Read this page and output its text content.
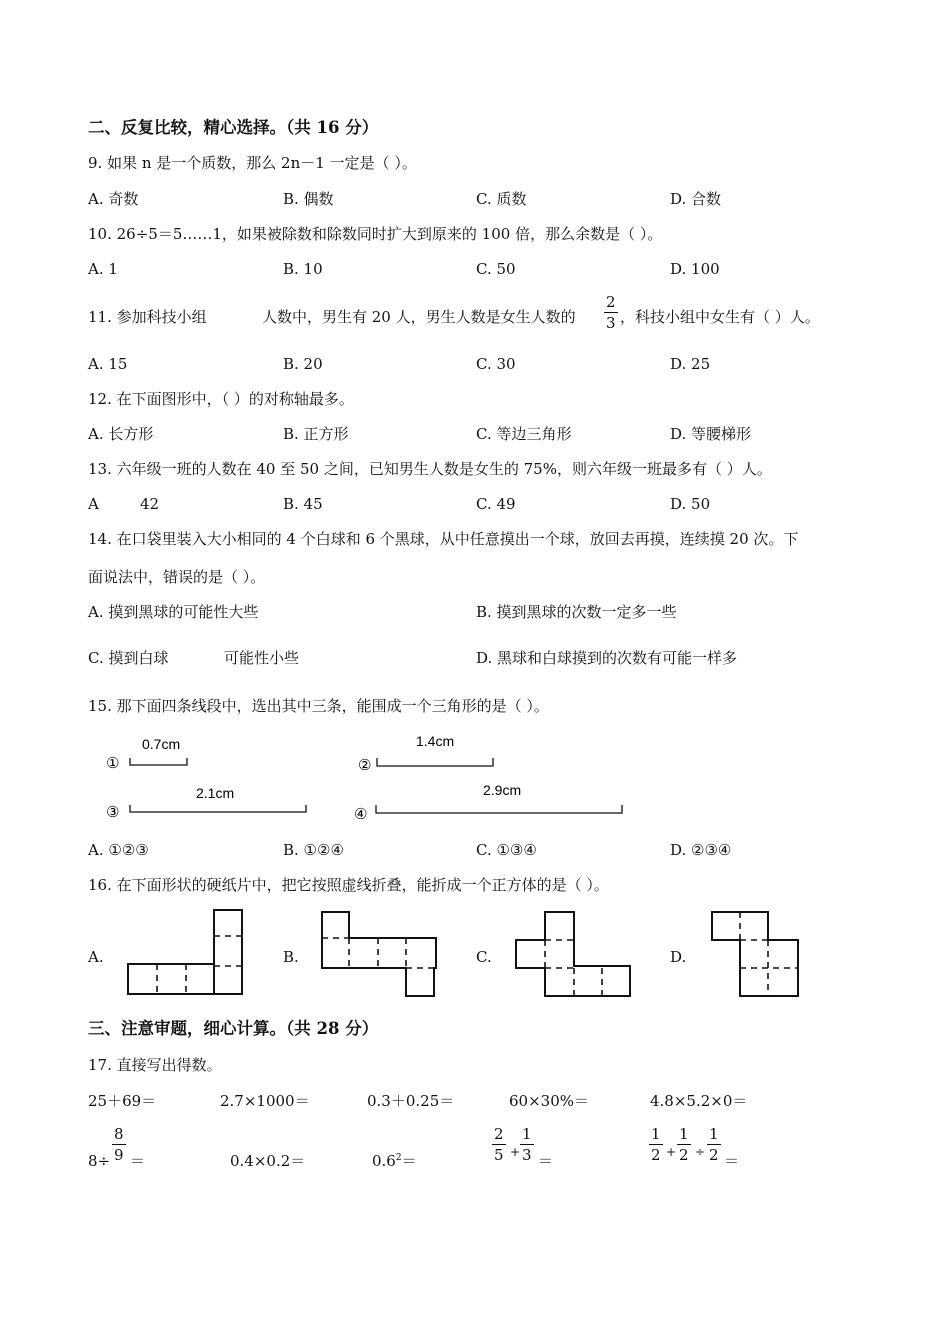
二、反复比较，精心选择。（共 16 分）
9. 如果 n 是一个质数，那么 2n－1 一定是（ ）。
A. 奇数	B. 偶数	C. 质数	D. 合数
10. 26÷5＝5……1，如果被除数和除数同时扩大到原来的 100 倍，那么余数是（ ）。
A. 1	B. 10	C. 50	D. 100
11. 参加科技小组	人数中，男生有 20 人，男生人数是女生人数的 $\frac{2}{3}$ ，科技小组中女生有（ ）人。
A. 15	B. 20	C. 30	D. 25
12. 在下面图形中，（ ）的对称轴最多。
A. 长方形	B. 正方形	C. 等边三角形	D. 等腰梯形
13. 六年级一班的人数在 40 至 50 之间，已知男生人数是女生的 75%，则六年级一班最多有（ ）人。
A	42	B. 45	C. 49	D. 50
14. 在口袋里装入大小相同的 4 个白球和 6 个黑球，从中任意摸出一个球，放回去再摸，连续摸 20 次。下
面说法中，错误的是（ ）。
A. 摸到黑球的可能性大些	B. 摸到黑球的次数一定多一些
C. 摸到白球	可能性小些	D. 黑球和白球摸到的次数有可能一样多
15. 那下面四条线段中，选出其中三条，能围成一个三角形的是（ ）。
①
0.7cm
②
1.4cm
③
2.1cm
④
2.9cm
A. ①②③	B. ①②④	C. ①③④	D. ②③④
16. 在下面形状的硬纸片中，把它按照虚线折叠，能折成一个正方体的是（ ）。
A.	B.	C.	D.
三、注意审题，细心计算。（共 28 分）
17. 直接写出得数。
25＋69＝	2.7×1000＝	0.3＋0.25＝	60×30%＝	4.8×5.2×0＝
$8\div \frac{8}{9}$ ＝	0.4×0.2＝	$0.6^2=$	$\frac{2}{5} + \frac{1}{3}$ ＝	$\frac{1}{2} + \frac{1}{2} \div \frac{1}{2}$ ＝
